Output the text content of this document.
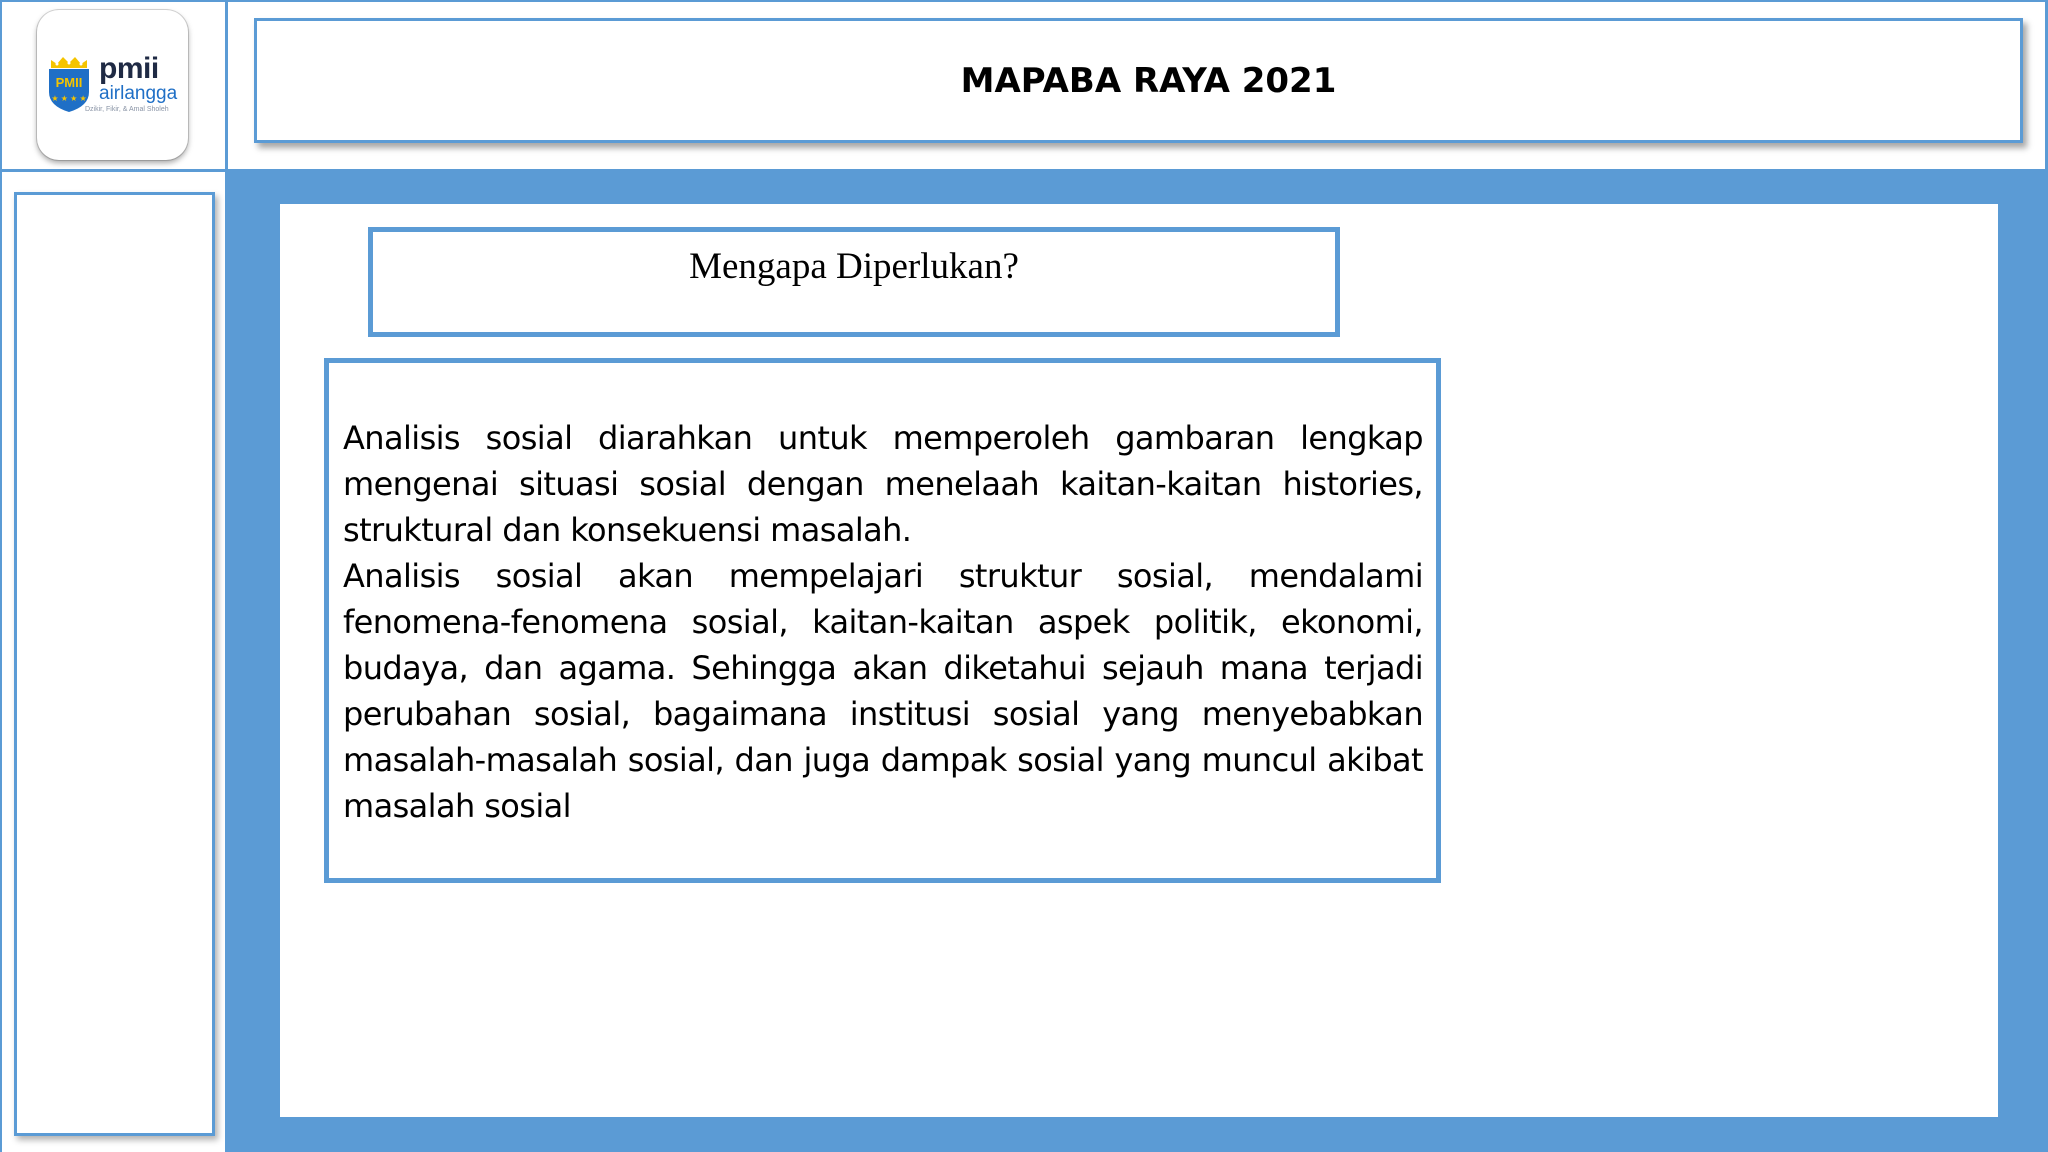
PMII
★ ★ ★ ★
pmii
airlangga
Dzikir, Fikir, & Amal Sholeh
MAPABA RAYA 2021
Mengapa Diperlukan?

Analisis sosial diarahkan untuk memperoleh gambaran lengkap mengenai situasi sosial dengan menelaah kaitan-kaitan histories, struktural dan konsekuensi masalah.

Analisis sosial akan mempelajari struktur sosial, mendalami fenomena-fenomena sosial, kaitan-kaitan aspek politik, ekonomi, budaya, dan agama. Sehingga akan diketahui sejauh mana terjadi perubahan sosial, bagaimana institusi sosial yang menyebabkan masalah-masalah sosial, dan juga dampak sosial yang muncul akibat masalah sosial
